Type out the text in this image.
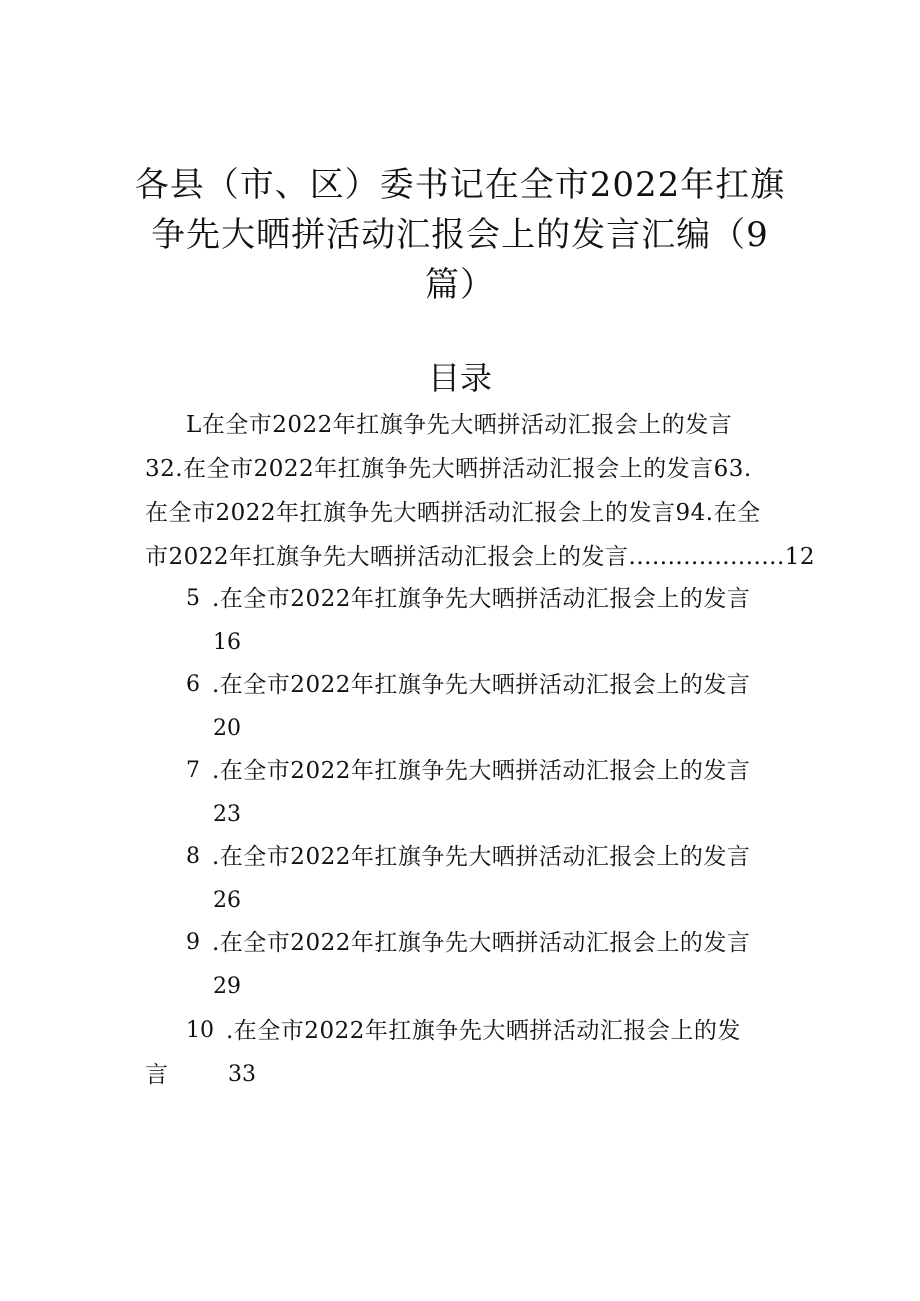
各县（市、区）委书记在全市2022年扛旗
争先大晒拼活动汇报会上的发言汇编（9
篇）
目录
L在全市2022年扛旗争先大晒拼活动汇报会上的发言
32.在全市2022年扛旗争先大晒拼活动汇报会上的发言63.
在全市2022年扛旗争先大晒拼活动汇报会上的发言94.在全
市2022年扛旗争先大晒拼活动汇报会上的发言....................12
5 .在全市2022年扛旗争先大晒拼活动汇报会上的发言
16
6 .在全市2022年扛旗争先大晒拼活动汇报会上的发言
20
7 .在全市2022年扛旗争先大晒拼活动汇报会上的发言
23
8 .在全市2022年扛旗争先大晒拼活动汇报会上的发言
26
9 .在全市2022年扛旗争先大晒拼活动汇报会上的发言
29
10 .在全市2022年扛旗争先大晒拼活动汇报会上的发
言	33
